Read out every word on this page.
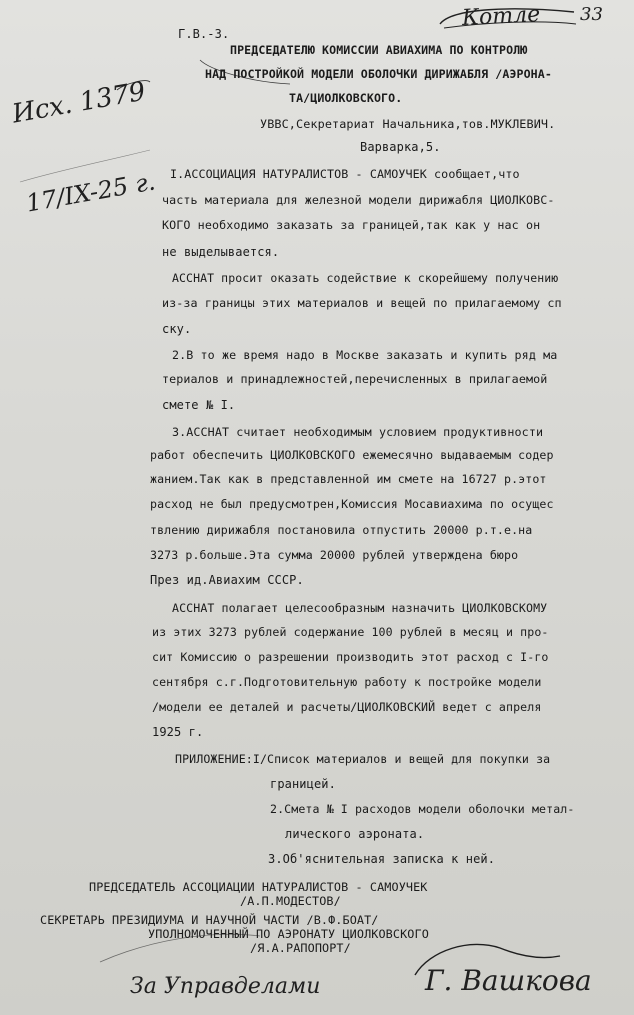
Г.В.-3.
Котле 33
Исх. 1379
17/IX-25 г.
ПРЕДСЕДАТЕЛЮ КОМИССИИ АВИАХИМА ПО КОНТРОЛЮ
НАД ПОСТРОЙКОЙ МОДЕЛИ ОБОЛОЧКИ ДИРИЖАБЛЯ /АЭРОНА-
ТА/ЦИОЛКОВСКОГО.
УВВС,Секретариат Начальника,тов.МУКЛЕВИЧ.
Варварка,5.
I.АССОЦИАЦИЯ НАТУРАЛИСТОВ - САМОУЧЕК сообщает,что
часть материала для железной модели дирижабля ЦИОЛКОВС-
КОГО необходимо заказать за границей,так как у нас он
не выделывается.
АССНАТ просит оказать содействие к скорейшему получению
из-за границы этих материалов и вещей по прилагаемому сп
ску.
2.В то же время надо в Москве заказать и купить ряд ма
териалов и принадлежностей,перечисленных в прилагаемой
смете № I.
3.АССНАТ считает необходимым условием продуктивности
работ обеспечить ЦИОЛКОВСКОГО ежемесячно выдаваемым содер
жанием.Так как в представленной им смете на 16727 р.этот
расход не был предусмотрен,Комиссия Мосавиахима по осущес
твлению дирижабля постановила отпустить 20000 р.т.е.на
3273 р.больше.Эта сумма 20000 рублей утверждена бюро
През ид.Авиахим СССР.
АССНАТ полагает целесообразным назначить ЦИОЛКОВСКОМУ
из этих 3273 рублей содержание 100 рублей в месяц и про-
сит Комиссию о разрешении производить этот расход с I-го
сентября с.г.Подготовительную работу к постройке модели
/модели ее деталей и расчеты/ЦИОЛКОВСКИЙ ведет с апреля
1925 г.
ПРИЛОЖЕНИЕ:I/Список материалов и вещей для покупки за
границей.
2.Смета № I расходов модели оболочки метал-
лического аэроната.
3.Об'яснительная записка к ней.
ПРЕДСЕДАТЕЛЬ АССОЦИАЦИИ НАТУРАЛИСТОВ - САМОУЧЕК
/А.П.МОДЕСТОВ/
СЕКРЕТАРЬ ПРЕЗИДИУМА И НАУЧНОЙ ЧАСТИ /В.Ф.БОАТ/
УПОЛНОМОЧЕННЫЙ ПО АЭРОНАТУ ЦИОЛКОВСКОГО
/Я.А.РАПОПОРТ/
За Управделами	Г. Вашкова
